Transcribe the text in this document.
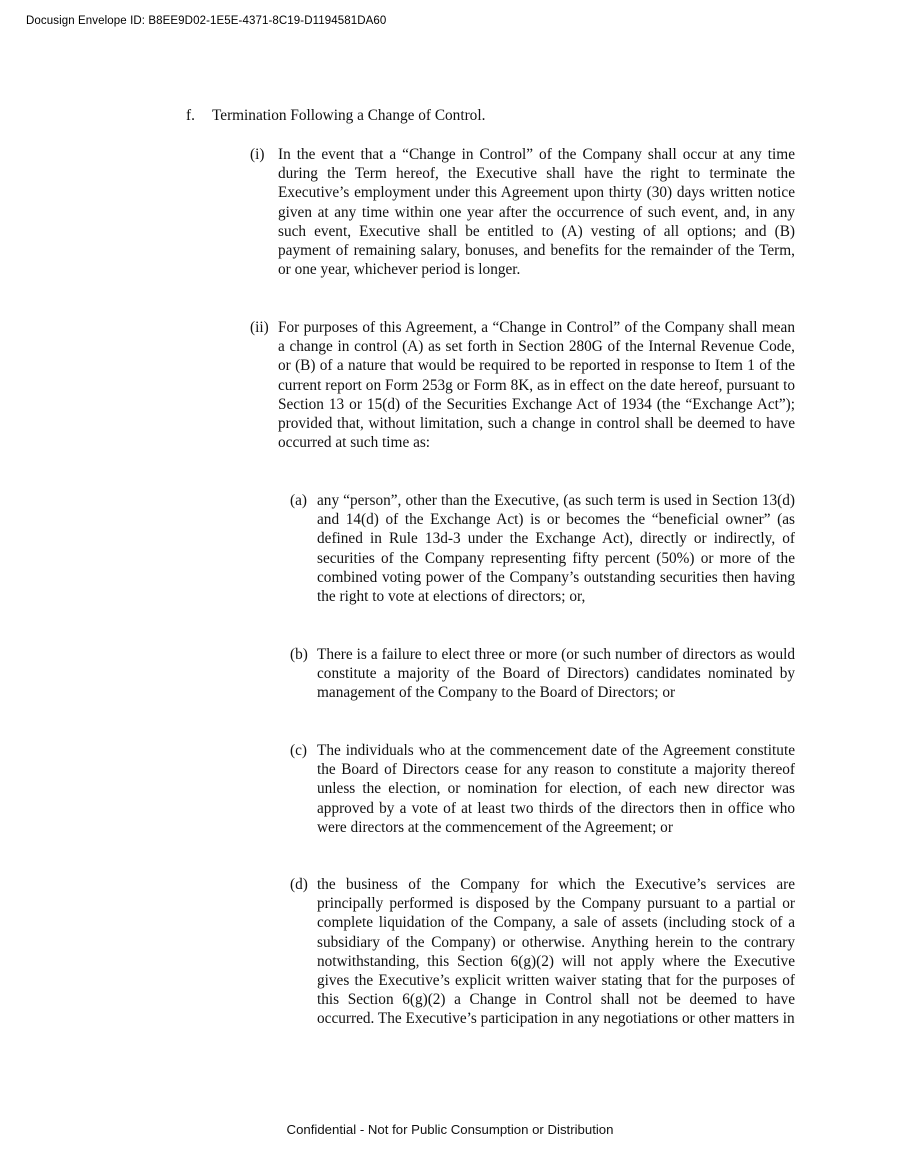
Docusign Envelope ID: B8EE9D02-1E5E-4371-8C19-D1194581DA60
f. Termination Following a Change of Control.
(i) In the event that a “Change in Control” of the Company shall occur at any time during the Term hereof, the Executive shall have the right to terminate the Executive’s employment under this Agreement upon thirty (30) days written notice given at any time within one year after the occurrence of such event, and, in any such event, Executive shall be entitled to (A) vesting of all options; and (B) payment of remaining salary, bonuses, and benefits for the remainder of the Term, or one year, whichever period is longer.
(ii) For purposes of this Agreement, a “Change in Control” of the Company shall mean a change in control (A) as set forth in Section 280G of the Internal Revenue Code, or (B) of a nature that would be required to be reported in response to Item 1 of the current report on Form 253g or Form 8K, as in effect on the date hereof, pursuant to Section 13 or 15(d) of the Securities Exchange Act of 1934 (the “Exchange Act”); provided that, without limitation, such a change in control shall be deemed to have occurred at such time as:
(a) any “person”, other than the Executive, (as such term is used in Section 13(d) and 14(d) of the Exchange Act) is or becomes the “beneficial owner” (as defined in Rule 13d-3 under the Exchange Act), directly or indirectly, of securities of the Company representing fifty percent (50%) or more of the combined voting power of the Company’s outstanding securities then having the right to vote at elections of directors; or,
(b) There is a failure to elect three or more (or such number of directors as would constitute a majority of the Board of Directors) candidates nominated by management of the Company to the Board of Directors; or
(c) The individuals who at the commencement date of the Agreement constitute the Board of Directors cease for any reason to constitute a majority thereof unless the election, or nomination for election, of each new director was approved by a vote of at least two thirds of the directors then in office who were directors at the commencement of the Agreement; or
(d) the business of the Company for which the Executive’s services are principally performed is disposed by the Company pursuant to a partial or complete liquidation of the Company, a sale of assets (including stock of a subsidiary of the Company) or otherwise. Anything herein to the contrary notwithstanding, this Section 6(g)(2) will not apply where the Executive gives the Executive’s explicit written waiver stating that for the purposes of this Section 6(g)(2) a Change in Control shall not be deemed to have occurred. The Executive’s participation in any negotiations or other matters in
Confidential - Not for Public Consumption or Distribution
